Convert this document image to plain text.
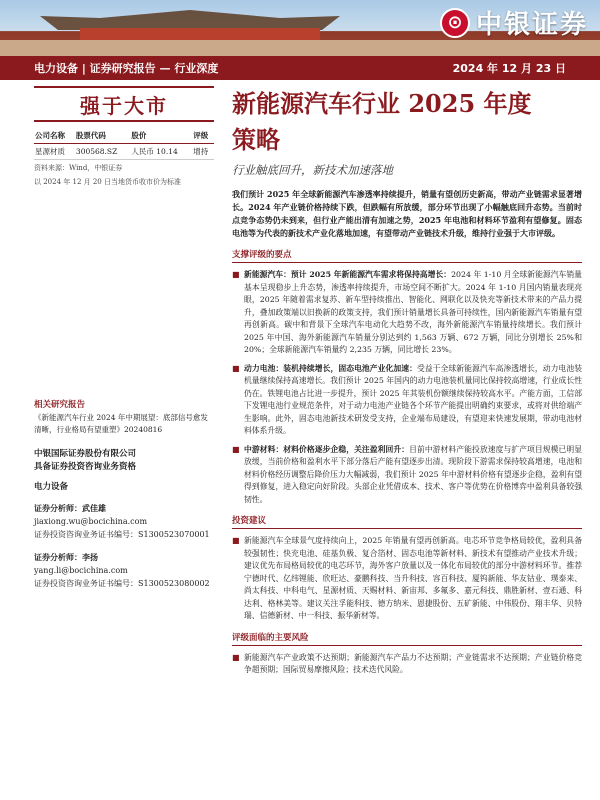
⊙ 中银证券
电力设备 | 证券研究报告 — 行业深度	2024 年 12 月 23 日
强于大市
公司名称	股票代码	股价	评级
星源材质	300568.SZ	人民币 10.14	增持
资料来源：Wind，中银证券
以 2024 年 12 月 20 日当地货币收市价为标准
相关研究报告
《新能源汽车行业 2024 年中期展望：底部信号愈发清晰，行业格局有望重塑》20240816
中银国际证券股份有限公司
具备证券投资咨询业务资格
电力设备
证券分析师：武佳雄
jiaxiong.wu@bocichina.com
证券投资咨询业务证书编号：S1300523070001
证券分析师：李扬
yang.li@bocichina.com
证券投资咨询业务证书编号：S1300523080002
新能源汽车行业 2025 年度
策略
行业触底回升，新技术加速落地
我们预计 2025 年全球新能源汽车渗透率持续提升，销量有望创历史新高，带动产业链需求显著增长。2024 年产业链价格持续下跌，但跌幅有所放缓，部分环节出现了小幅触底回升态势。当前时点竞争态势仍未到来，但行业产能出清有加速之势，2025 年电池和材料环节盈利有望修复。固态电池等为代表的新技术产业化落地加速，有望带动产业链技术升级，维持行业强于大市评级。
支撑评级的要点
■ 新能源汽车：预计 2025 年新能源汽车需求将保持高增长：2024 年 1-10 月全球新能源汽车销量基本呈现稳步上升态势，渗透率持续提升，市场空间不断扩大。2024 年 1-10 月国内销量表现亮眼，2025 年随着需求复苏、新车型持续推出、智能化、网联化以及快充等新技术带来的产品力提升，叠加政策端以旧换新的政策支持，我们预计销量增长具备可持续性，国内新能源汽车销量有望再创新高。碳中和背景下全球汽车电动化大趋势不改，海外新能源汽车销量持续增长。我们预计 2025 年中国、海外新能源汽车销量分别达到约 1,563 万辆、672 万辆，同比分别增长 25%和 20%；全球新能源汽车销量约 2,235 万辆，同比增长 23%。
■ 动力电池：装机持续增长，固态电池产业化加速：受益于全球新能源汽车高渗透增长，动力电池装机量继续保持高速增长。我们预计 2025 年国内的动力电池装机量同比保持较高增速，行业成长性仍在。铁锂电池占比进一步提升，预计 2025 年其装机份额继续保持较高水平。产能方面，工信部下发锂电池行业规范条件，对于动力电池产业链各个环节产能提出明确约束要求，或将对供给端产生影响。此外，固态电池新技术研发受支持，企业端布局建设，有望迎来快速发展期，带动电池材料体系升级。
■ 中游材料：材料价格逐步企稳，关注盈利回升：目前中游材料产能投放速度与扩产项目规模已明显放缓，当前价格和盈利水平下部分落后产能有望逐步出清。现阶段下游需求保持较高增速，电池和材料价格经历调整后降价压力大幅减弱，我们预计 2025 年中游材料价格有望逐步企稳，盈利有望得到修复，进入稳定向好阶段。头部企业凭借成本、技术、客户等优势在价格博弈中盈利具备较强韧性。
投资建议
■ 新能源汽车全球景气度持续向上，2025 年销量有望再创新高。电芯环节竞争格局较优，盈利具备较强韧性；快充电池、硅基负极、复合箔材、固态电池等新材料、新技术有望推动产业技术升级；建议优先布局格局较优的电芯环节，海外客户放量以及一体化布局较优的部分中游材料环节。推荐宁德时代、亿纬锂能、欣旺达、豪鹏科技、当升科技、容百科技、厦钨新能、华友钴业、璞泰来、尚太科技、中科电气、星源材质、天赐材料、新宙邦、多氟多、嘉元科技、鼎胜新材、壹石通、科达利、格林美等。建议关注孚能科技、德方纳米、恩捷股份、五矿新能、中伟股份、翔丰华、贝特瑞、信德新材、中一科技、振华新材等。
评级面临的主要风险
■ 新能源汽车产业政策不达预期；新能源汽车产品力不达预期；产业链需求不达预期；产业链价格竞争超预期；国际贸易摩擦风险；技术迭代风险。
